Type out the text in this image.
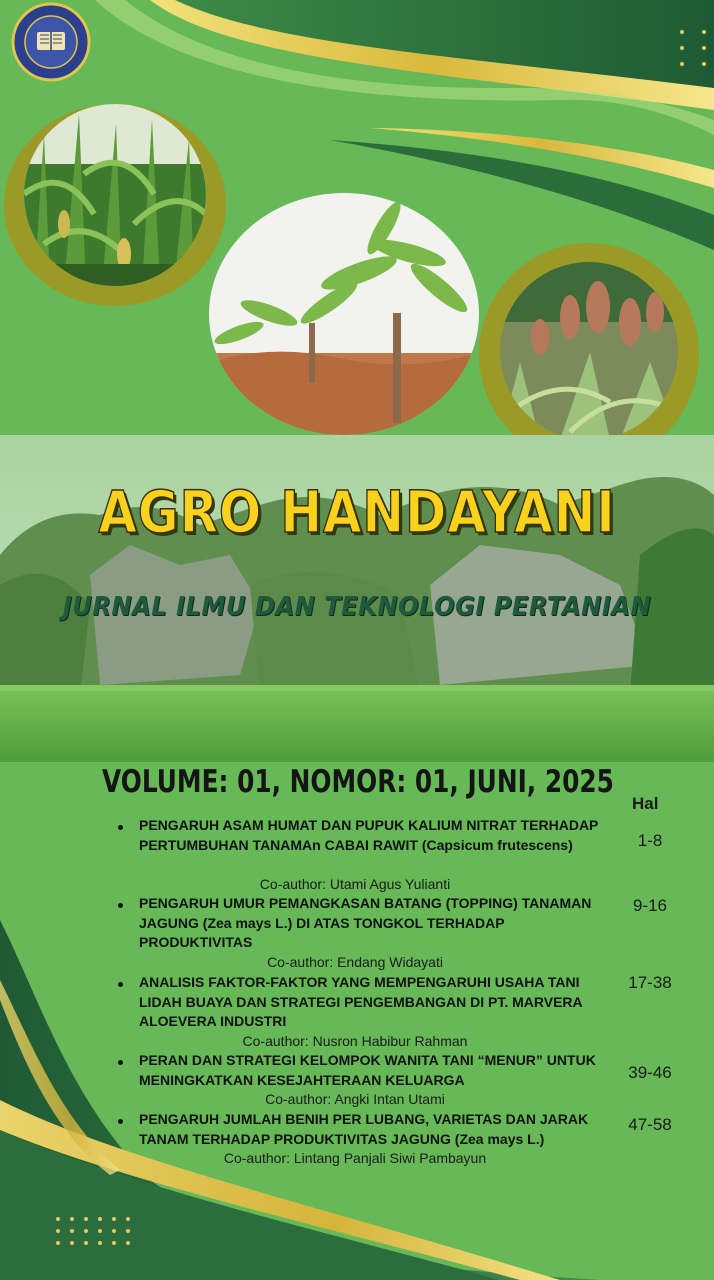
AGRO HANDAYANI
JURNAL ILMU DAN TEKNOLOGI PERTANIAN
VOLUME: 01, NOMOR: 01, JUNI, 2025
Hal
PENGARUH ASAM HUMAT DAN PUPUK KALIUM NITRAT TERHADAP PERTUMBUHAN TANAMAn CABAI RAWIT (Capsicum frutescens)
Co-author: Utami Agus Yulianti
1-8
PENGARUH UMUR PEMANGKASAN BATANG (TOPPING) TANAMAN JAGUNG (Zea mays L.) DI ATAS TONGKOL TERHADAP PRODUKTIVITAS
Co-author: Endang Widayati
9-16
ANALISIS FAKTOR-FAKTOR YANG MEMPENGARUHI USAHA TANI LIDAH BUAYA DAN STRATEGI PENGEMBANGAN DI PT. MARVERA ALOEVERA INDUSTRI
Co-author: Nusron Habibur Rahman
17-38
PERAN DAN STRATEGI KELOMPOK WANITA TANI “MENUR” UNTUK MENINGKATKAN KESEJAHTERAAN KELUARGA
Co-author: Angki Intan Utami
39-46
PENGARUH JUMLAH BENIH PER LUBANG, VARIETAS DAN JARAK TANAM TERHADAP PRODUKTIVITAS JAGUNG (Zea mays L.)
Co-author: Lintang Panjali Siwi Pambayun
47-58
